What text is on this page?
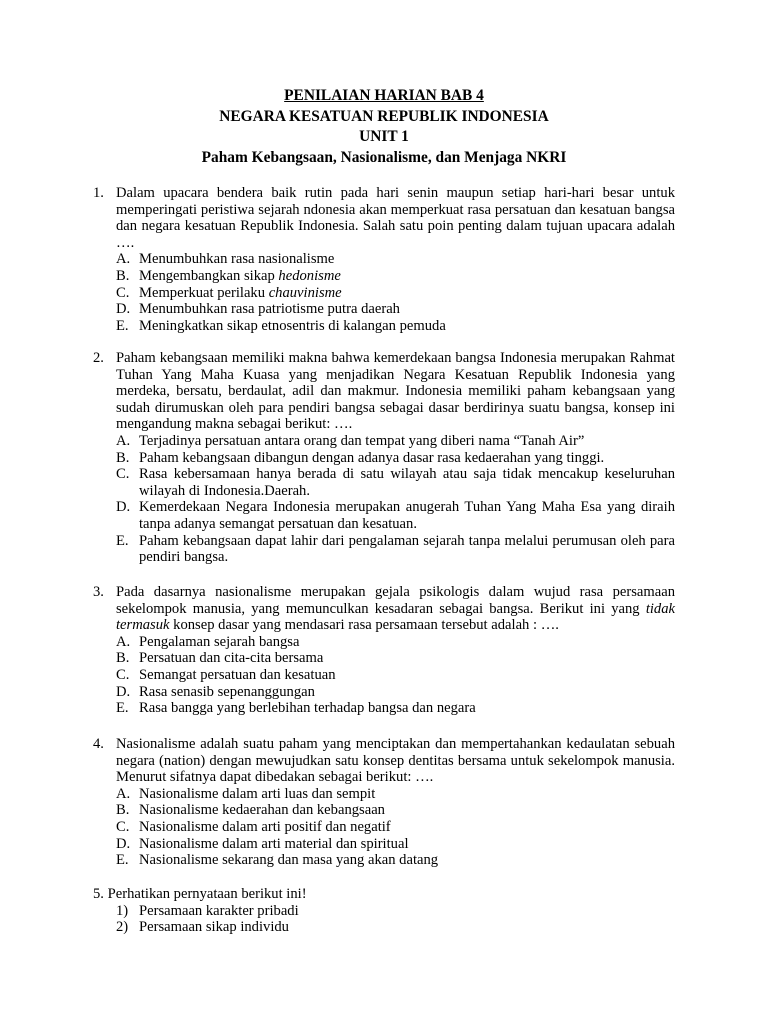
PENILAIAN HARIAN BAB 4
NEGARA KESATUAN REPUBLIK INDONESIA
UNIT 1
Paham Kebangsaan, Nasionalisme, dan Menjaga NKRI
1. Dalam upacara bendera baik rutin pada hari senin maupun setiap hari-hari besar untuk memperingati peristiwa sejarah ndonesia akan memperkuat rasa persatuan dan kesatuan bangsa dan negara kesatuan Republik Indonesia. Salah satu poin penting dalam tujuan upacara adalah ….
A. Menumbuhkan rasa nasionalisme
B. Mengembangkan sikap hedonisme
C. Memperkuat perilaku chauvinisme
D. Menumbuhkan rasa patriotisme putra daerah
E. Meningkatkan sikap etnosentris di kalangan pemuda
2. Paham kebangsaan memiliki makna bahwa kemerdekaan bangsa Indonesia merupakan Rahmat Tuhan Yang Maha Kuasa yang menjadikan Negara Kesatuan Republik Indonesia yang merdeka, bersatu, berdaulat, adil dan makmur. Indonesia memiliki paham kebangsaan yang sudah dirumuskan oleh para pendiri bangsa sebagai dasar berdirinya suatu bangsa, konsep ini mengandung makna sebagai berikut: ….
A. Terjadinya persatuan antara orang dan tempat yang diberi nama “Tanah Air”
B. Paham kebangsaan dibangun dengan adanya dasar rasa kedaerahan yang tinggi.
C. Rasa kebersamaan hanya berada di satu wilayah atau saja tidak mencakup keseluruhan wilayah di Indonesia.Daerah.
D. Kemerdekaan Negara Indonesia merupakan anugerah Tuhan Yang Maha Esa yang diraih tanpa adanya semangat persatuan dan kesatuan.
E. Paham kebangsaan dapat lahir dari pengalaman sejarah tanpa melalui perumusan oleh para pendiri bangsa.
3. Pada dasarnya nasionalisme merupakan gejala psikologis dalam wujud rasa persamaan sekelompok manusia, yang memunculkan kesadaran sebagai bangsa. Berikut ini yang tidak termasuk konsep dasar yang mendasari rasa persamaan tersebut adalah : ….
A. Pengalaman sejarah bangsa
B. Persatuan dan cita-cita bersama
C. Semangat persatuan dan kesatuan
D. Rasa senasib sepenanggungan
E. Rasa bangga yang berlebihan terhadap bangsa dan negara
4. Nasionalisme adalah suatu paham yang menciptakan dan mempertahankan kedaulatan sebuah negara (nation) dengan mewujudkan satu konsep dentitas bersama untuk sekelompok manusia. Menurut sifatnya dapat dibedakan sebagai berikut: ….
A. Nasionalisme dalam arti luas dan sempit
B. Nasionalisme kedaerahan dan kebangsaan
C. Nasionalisme dalam arti positif dan negatif
D. Nasionalisme dalam arti material dan spiritual
E. Nasionalisme sekarang dan masa yang akan datang
5. Perhatikan pernyataan berikut ini!
1) Persamaan karakter pribadi
2) Persamaan sikap individu
